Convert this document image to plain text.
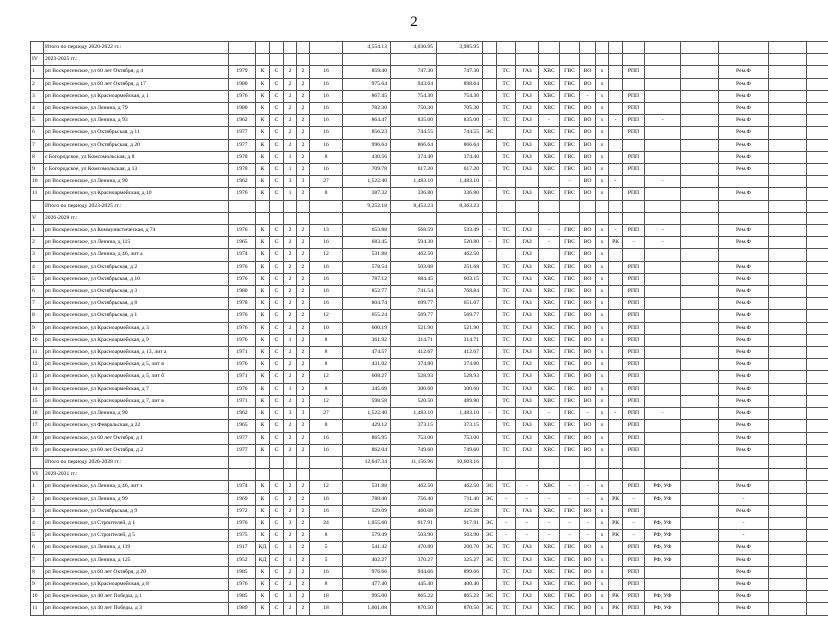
2
	Итого по периоду 2020-2022 гг.:							4,554.13	4,030.95	3,985.95														
IV	2023-2025 гг.:																							
1	рп Воскресенское, ул 60 лет Октября, д 4	1979	К	С	2	2	16	859.40	747.30	747.30		ТС	ГАЗ	ХВС	ГВС	ВО	х		РПП			Рем.Ф		
2	рп Воскресенское, ул 60 лет Октября, д 17	1980	К	С	2	2	16	975.64	943.64	898.64		ТС	ГАЗ	ХВС	ГВС	ВО	х					Рем.Ф		
3	рп Воскресенское, ул Красноармейская, д 1	1976	К	С	2	2	16	867.45	754.30	754.30		ТС	ГАЗ	ХВС	ГВС	-	х		РПП			Рем.Ф		
4	рп Воскресенское, ул Ленина, д 79	1980	К	С	2	2	16	782.30	750.30	705.30		ТС	ГАЗ	ХВС	ГВС	ВО	х		РПП			Рем.Ф		
5	рп Воскресенское, ул Ленина, д 93	1962	К	С	2	2	16	864.47	835.00	835.00	-	ТС	ГАЗ	-	ГВС	ВО	х	-	РПП	-		Рем.Ф		
6	рп Воскресенское, ул Октябрьская, д 11	1977	К	С	2	2	16	856.23	744.55	744.55	ЭС		ГАЗ	ХВС	ГВС	ВО	х		РПП			Рем.Ф		
7	рп Воскресенское, ул Октябрьская, д 20	1977	К	С	2	2	16	996.64	866.64	866.64		ТС	ГАЗ	ХВС	ГВС	ВО	х					Рем.Ф		
8	с Богородское, ул Комсомольская, д 8	1978	К	С	1	2	8	430.56	374.40	374.40		ТС	ГАЗ	ХВС	ГВС	ВО	х		РПП			Рем.Ф		
9	с Богородское, ул Комсомольская, д 13	1978	К	С	1	2	16	709.78	617.20	617.20		ТС	ГАЗ	ХВС	ГВС	ВО	х		РПП			Рем.Ф		
10	рп Воскресенское, ул Ленина, д 90	1962	К	С	3	3	27	1,522.40	1,483.10	1,483.10	-				-	ВО	х	-		-				
11	рп Воскресенское, ул Красноармейская, д 10	1976	К	С	1	2	8	387.32	336.80	336.80		ТС	ГАЗ	ХВС	ГВС	ВО	х		РПП			Рем.Ф		
	Итого по периоду 2023-2025 гг.:							9,252.18	8,453.23	8,363.23														
V	2026-2028 гг.:																							
1	рп Воскресенское, ул Коммунистическая, д 74	1976	К	С	2	2	13	653.88	568.59	533.49	-	ТС	ГАЗ	-	ГВС	ВО	х	-	РПП	-		Рем.Ф		
2	рп Воскресенское, ул Ленина, д 115	1965	К	С	2	2	16	683.45	594.30	520.80	-	ТС	ГАЗ	-	ГВС	ВО	х	РК	-	-		Рем.Ф		
3	рп Воскресенское, ул Ленина, д 46, лит а	1974	К	С	2	2	12	531.88	462.50	462.50			ГАЗ		ГВС	ВО	х							
4	рп Воскресенское, ул Октябрьская, д 2	1976	К	С	2	2	16	578.54	503.08	251.68		ТС	ГАЗ	ХВС	ГВС	ВО	х		РПП			Рем.Ф		
5	рп Воскресенское, ул Октябрьская, д 10	1976	К	С	2	2	16	787.12	684.45	603.15		ТС	ГАЗ	ХВС	ГВС	ВО	х		РПП			Рем.Ф		
6	рп Воскресенское, ул Октябрьская, д 3	1980	К	С	2	2	16	852.77	741.54	768.84		ТС	ГАЗ	ХВС	ГВС	ВО	х		РПП			Рем.Ф		
7	рп Воскресенское, ул Октябрьская, д 8	1978	К	С	2	2	16	804.74	699.77	651.07		ТС	ГАЗ	ХВС	ГВС	ВО	х		РПП			Рем.Ф		
8	рп Воскресенское, ул Октябрьская, д 1	1976	К	С	2	2	12	655.24	569.77	569.77		ТС	ГАЗ	ХВС	ГВС	ВО	х		РПП			Рем.Ф		
9	рп Воскресенское, ул Красноармейская, д 3	1976	К	С	2	2	10	600.19	521.90	521.90		ТС	ГАЗ	ХВС	ГВС	ВО	х		РПП			Рем.Ф		
10	рп Воскресенское, ул Красноармейская, д 9	1976	К	С	1	2	8	361.92	314.71	314.71		ТС	ГАЗ	ХВС	ГВС	ВО	х		РПП			Рем.Ф		
11	рп Воскресенское, ул Красноармейская, д 13, лит а	1971	К	С	2	2	8	474.57	412.67	412.67		ТС	ГАЗ	ХВС	ГВС	ВО	х		РПП			Рем.Ф		
12	рп Воскресенское, ул Красноармейская, д 5, лит в	1976	К	С	2	2	8	431.02	374.80	374.80		ТС	ГАЗ	ХВС	ГВС	ВО	х		РПП			Рем.Ф		
13	рп Воскресенское, ул Красноармейская, д 5, лит б	1971	К	С	2	2	12	608.27	528.93	528.93		ТС	ГАЗ	ХВС	ГВС	ВО	х		РПП			Рем.Ф		
14	рп Воскресенское, ул Красноармейская, д 7	1976	К	С	1	2	8	345.69	300.60	300.60		ТС	ГАЗ	ХВС	ГВС	ВО	х		РПП			Рем.Ф		
15	рп Воскресенское, ул Красноармейская, д 7, лит в	1971	К	С	2	2	12	598.58	520.50	489.80		ТС	ГАЗ	ХВС	ГВС	ВО	х		РПП			Рем.Ф		
16	рп Воскресенское, ул Ленина, д 90	1962	К	С	3	3	27	1,522.40	1,483.10	1,483.10	-	ТС	ГАЗ	-	ГВС	-	х	-	РПП	-		Рем.Ф		
17	рп Воскресенское, ул Февральская, д 22	1965	К	С	2	2	8	429.12	373.15	373.15		ТС	ГАЗ	ХВС	ГВС	ВО	х		РПП			Рем.Ф		
18	рп Воскресенское, ул 60 лет Октября, д 1	1977	К	С	2	2	16	865.95	753.00	753.00		ТС	ГАЗ	ХВС	ГВС	ВО	х		РПП			Рем.Ф		
19	рп Воскресенское, ул 60 лет Октября, д 2	1977	К	С	2	2	16	862.04	749.60	749.60		ТС	ГАЗ	ХВС	ГВС	ВО	х		РПП			Рем.Ф		
	Итого по периоду 2026-2028 гг.:							12,647.34	11,156.96	10,603.16														
VI	2029-2031 гг.:																							
1	рп Воскресенское, ул Ленина, д 46, лит з	1974	К	С	2	2	12	531.88	462.50	462.50	ЭС	ТС	-	ХВС	-	-	х		РПП	РФ, УФ		Рем.Ф		
2	рп Воскресенское, ул Ленина, д 99	1969	К	С	2	2	16	788.40	756.40	711.40	ЭС	-	-	-	-	-	х	РК	-	РФ, УФ		-		
3	рп Воскресенское, ул Октябрьская, д 9	1972	К	С	2	2	16	529.09	460.08	425.28		ТС	ГАЗ	ХВС	ГВС	ВО	х		РПП			Рем.Ф		
4	рп Воскресенское, ул Строителей, д 1	1976	К	С	3	2	24	1,055.60	917.91	917.91	ЭС	-	-	-	-	-	х	РК	-	РФ, УФ		-		
5	рп Воскресенское, ул Строителей, д 5	1975	К	С	2	2	8	579.49	503.90	503.90	ЭС	-	-	-	-	-	х	РК	-	РФ, УФ		-		
6	рп Воскресенское, ул Ленина, д 119	1917	КД	С	1	2	5	541.42	470.80	200.70	ЭС	ТС	ГАЗ	ХВС	ГВС	ВО	х		РПП	РФ, УФ		Рем.Ф		
7	рп Воскресенское, ул Ленина, д 125	1952	КД	С	1	2	5	402.27	370.27	325.27	ЭС	ТС	ГАЗ	ХВС	ГВС	ВО	х		РПП	РФ, УФ		Рем.Ф		
8	рп Воскресенское, ул 60 лет Октября, д 20	1985	К	С	2	2	16	976.66	944.66	899.66		ТС	ГАЗ	ХВС	ГВС	ВО	х		РПП			Рем.Ф		
9	рп Воскресенское, ул Красноармейская, д 8	1976	К	С	2	2	8	477.40	445.40	400.40		ТС	ГАЗ	ХВС	ГВС	ВО	х		РПП			Рем.Ф		
10	рп Воскресенское, ул 40 лет Победы, д 1	1985	К	С	3	2	18	995.00	865.22	865.22	ЭС	ТС	ГАЗ	ХВС	ГВС	ВО	х	РК	РПП	РФ, УФ		Рем.Ф		
11	рп Воскресенское, ул 40 лет Победы, д 3	1989	К	С	2	2	18	1,001.08	870.50	870.50	ЭС	ТС	ГАЗ	ХВС	ГВС	ВО	х	РК	РПП	РФ, УФ		Рем.Ф		
